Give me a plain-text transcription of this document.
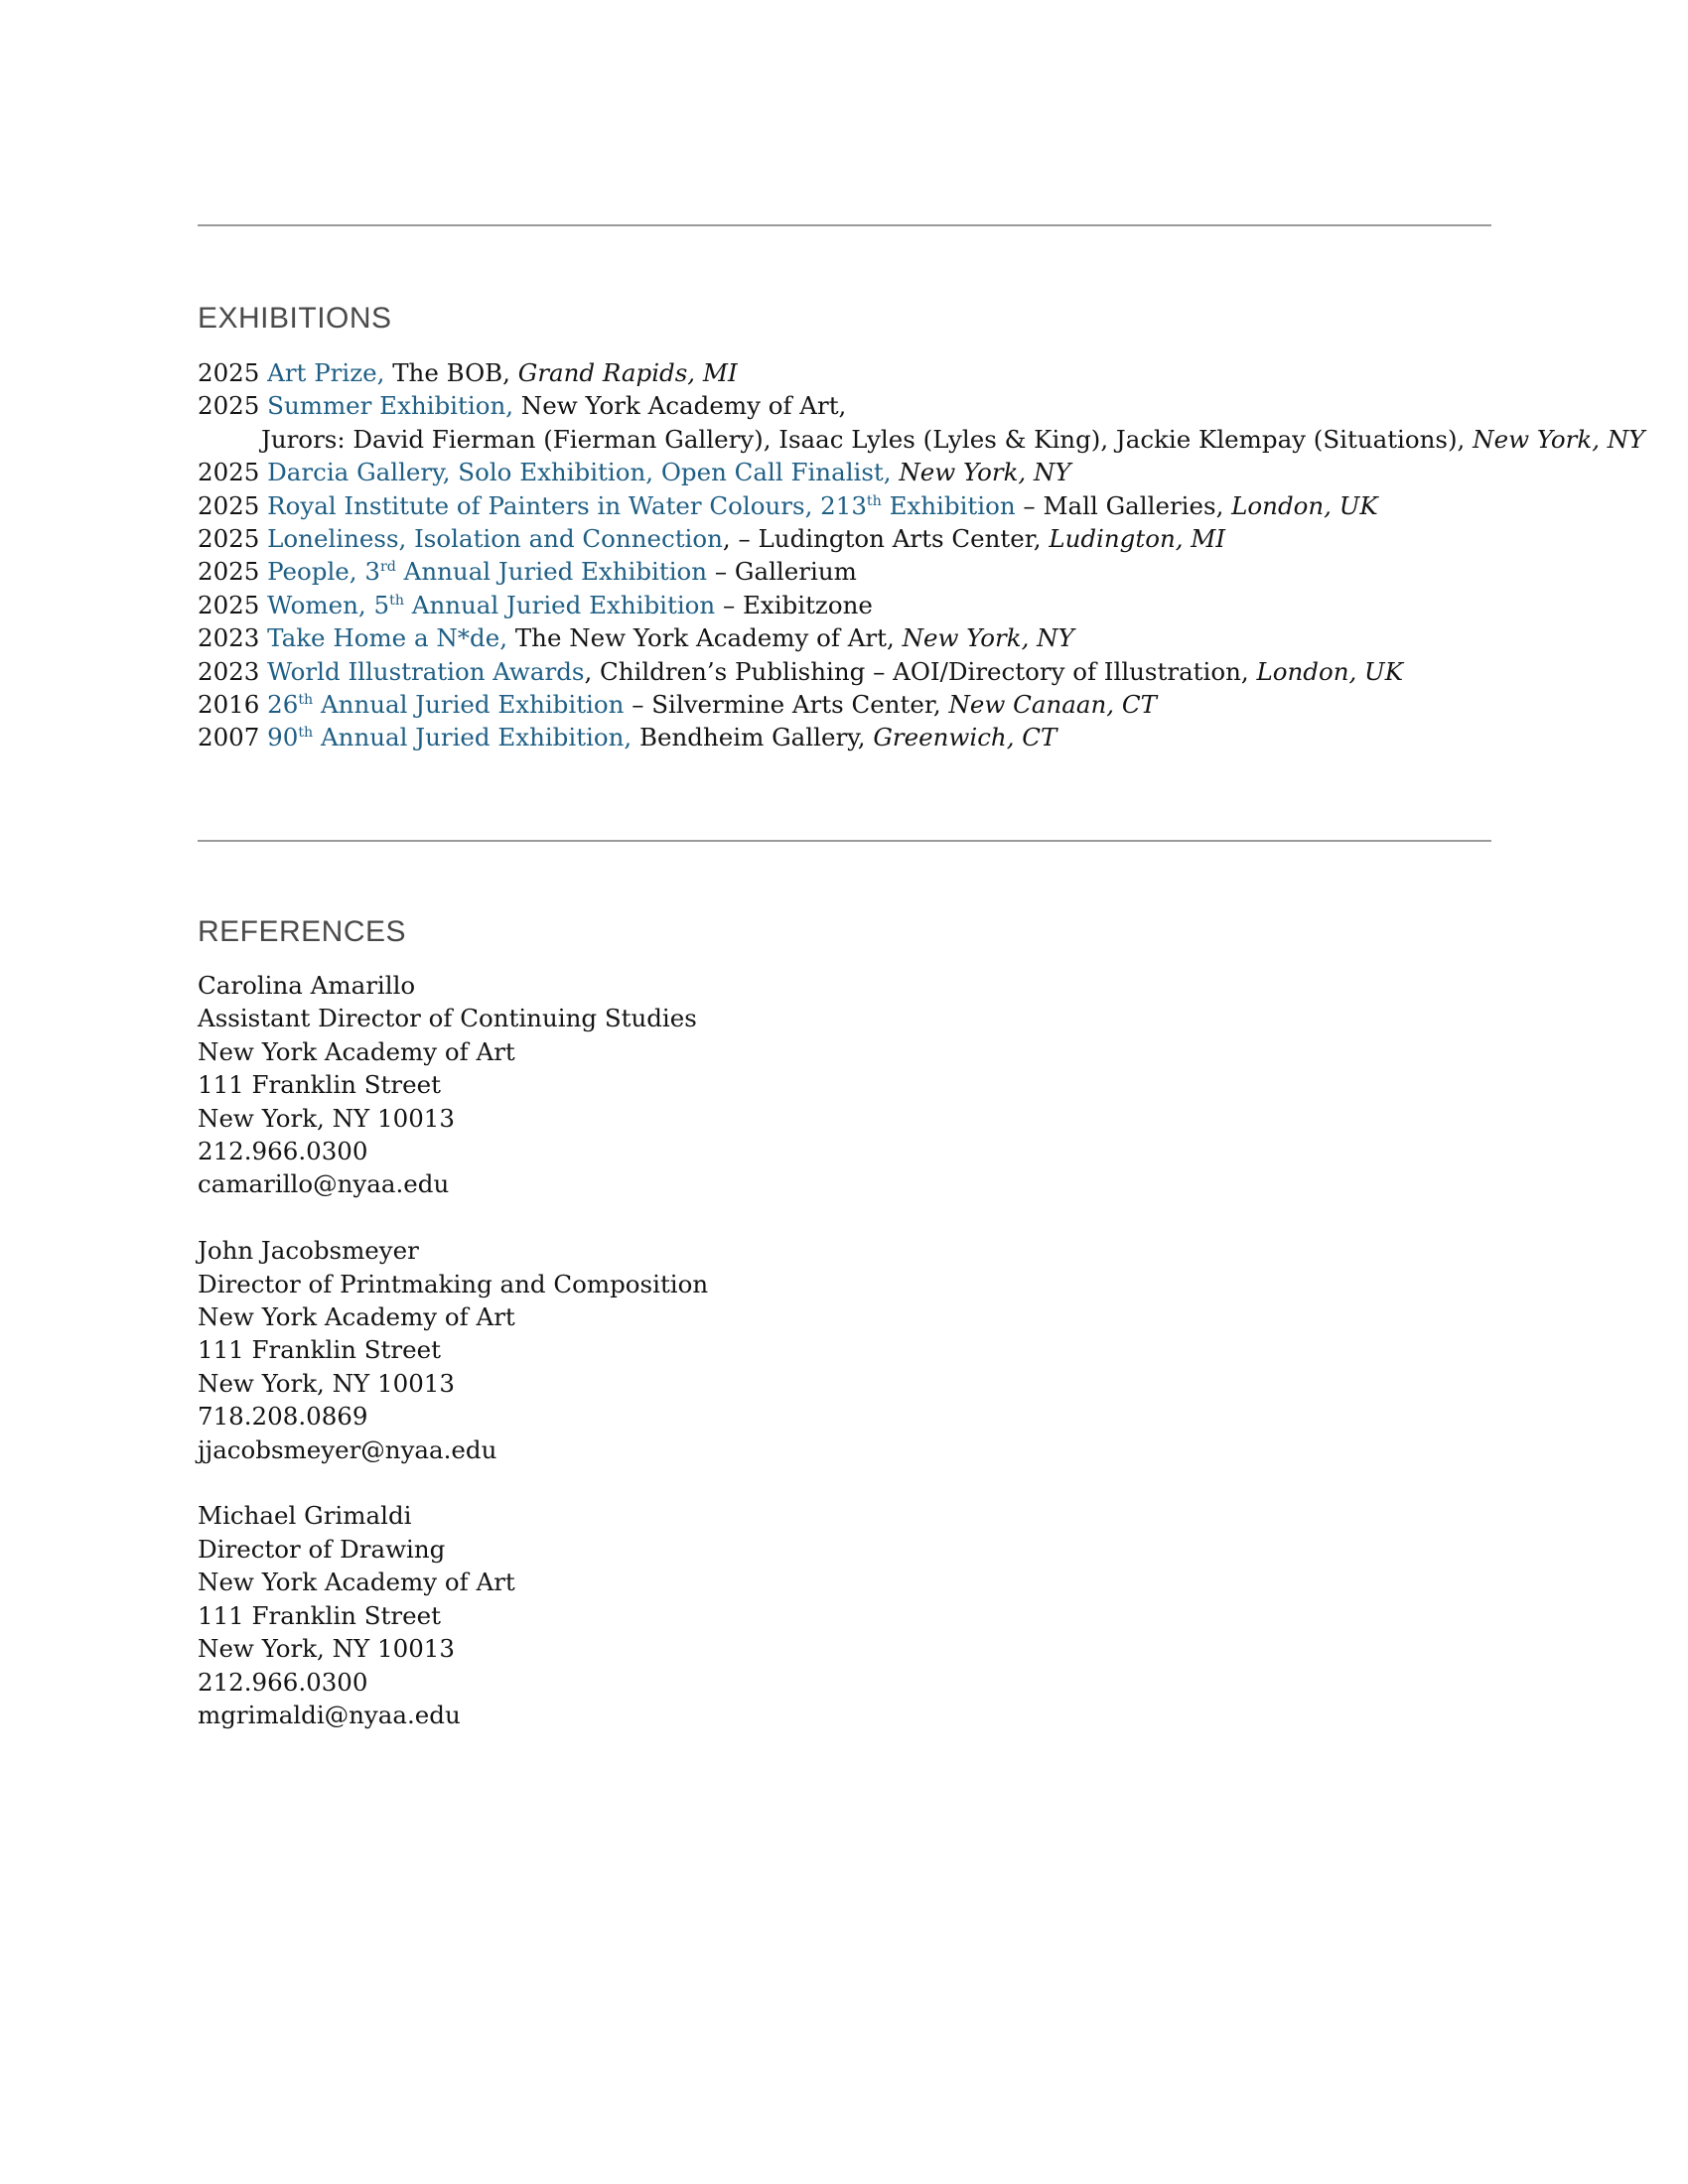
EXHIBITIONS
2025 Art Prize, The BOB, Grand Rapids, MI
2025 Summer Exhibition, New York Academy of Art,
Jurors: David Fierman (Fierman Gallery), Isaac Lyles (Lyles & King), Jackie Klempay (Situations), New York, NY
2025 Darcia Gallery, Solo Exhibition, Open Call Finalist, New York, NY
2025 Royal Institute of Painters in Water Colours, 213th Exhibition – Mall Galleries, London, UK
2025 Loneliness, Isolation and Connection, – Ludington Arts Center, Ludington, MI
2025 People, 3rd Annual Juried Exhibition – Gallerium
2025 Women, 5th Annual Juried Exhibition – Exibitzone
2023 Take Home a N*de, The New York Academy of Art, New York, NY
2023 World Illustration Awards, Children’s Publishing – AOI/Directory of Illustration, London, UK
2016 26th Annual Juried Exhibition – Silvermine Arts Center, New Canaan, CT
2007 90th Annual Juried Exhibition, Bendheim Gallery, Greenwich, CT
REFERENCES
Carolina Amarillo
Assistant Director of Continuing Studies
New York Academy of Art
111 Franklin Street
New York, NY 10013
212.966.0300
camarillo@nyaa.edu
John Jacobsmeyer
Director of Printmaking and Composition
New York Academy of Art
111 Franklin Street
New York, NY 10013
718.208.0869
jjacobsmeyer@nyaa.edu
Michael Grimaldi
Director of Drawing
New York Academy of Art
111 Franklin Street
New York, NY 10013
212.966.0300
mgrimaldi@nyaa.edu
